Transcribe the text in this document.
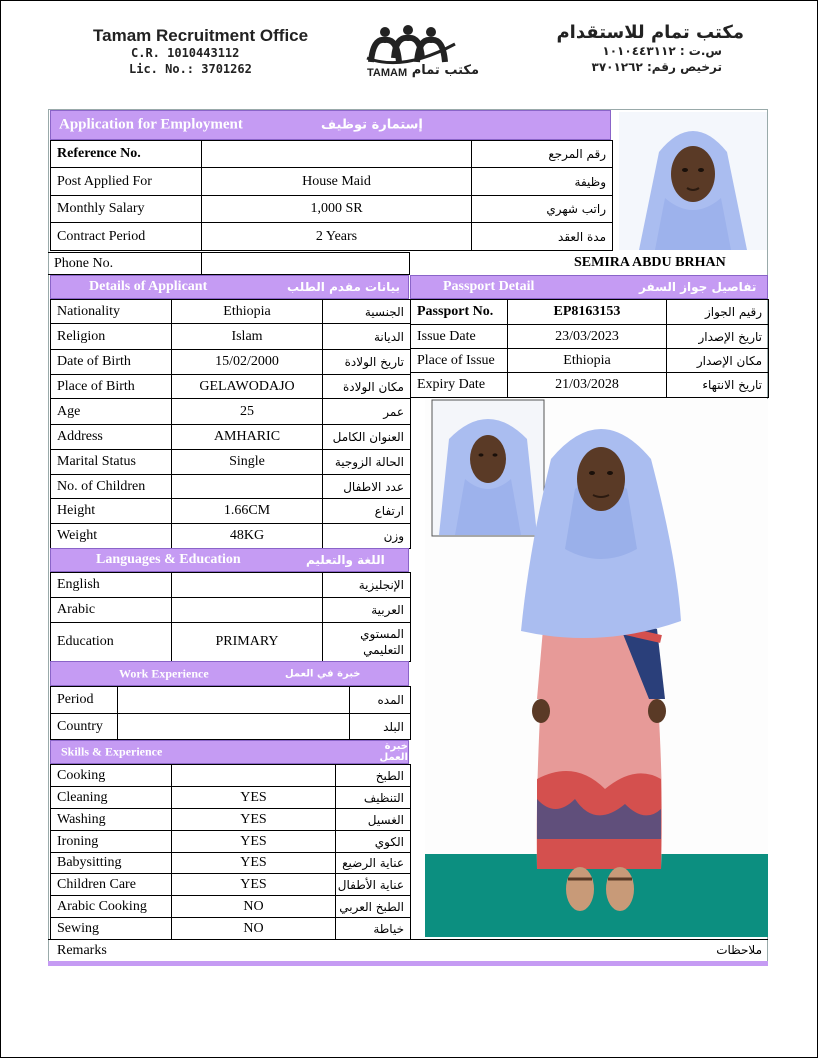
Tamam Recruitment Office
C.R. 1010443112
Lic. No.: 3701262	TAMAM مكتب تمام
مكتب تمام للاستقدام
س.ت : ١٠١٠٤٤٣١١٢
ترخيص رقم: ٣٧٠١٢٦٢
Application for Employment	إستمارة توظيف
Reference No.		رقم المرجع
Post Applied For	House Maid	وظيفة
Monthly Salary	1,000 SR	راتب شهري
Contract Period	2 Years	مدة العقد
Phone No.		SEMIRA ABDU BRHAN
Details of Applicant	بيانات مقدم الطلب
Nationality	Ethiopia	الجنسية
Religion	Islam	الديانة
Date of Birth	15/02/2000	تاريخ الولادة
Place of Birth	GELAWODAJO	مكان الولادة
Age	25	عمر
Address	AMHARIC	العنوان الكامل
Marital Status	Single	الحالة الزوجية
No. of Children		عدد الاطفال
Height	1.66CM	ارتفاع
Weight	48KG	وزن
Languages & Education	اللغة والتعليم
English		الإنجليزية
Arabic		العربية
Education	PRIMARY	المستوي التعليمي
Work Experience	خبرة في العمل
Period		المده
Country		البلد
Skills & Experience	خبرة العمل
Cooking		الطبخ
Cleaning	YES	التنظيف
Washing	YES	الغسيل
Ironing	YES	الكوي
Babysitting	YES	عناية الرضيع
Children Care	YES	عناية الأطفال
Arabic Cooking	NO	الطبخ العربي
Sewing	NO	خياطة
Passport Detail	تفاصيل جواز السفر
Passport No.	EP8163153	رقيم الجواز
Issue Date	23/03/2023	تاريخ الإصدار
Place of Issue	Ethiopia	مكان الإصدار
Expiry Date	21/03/2028	تاريخ الانتهاء
Remarks	ملاحظات
